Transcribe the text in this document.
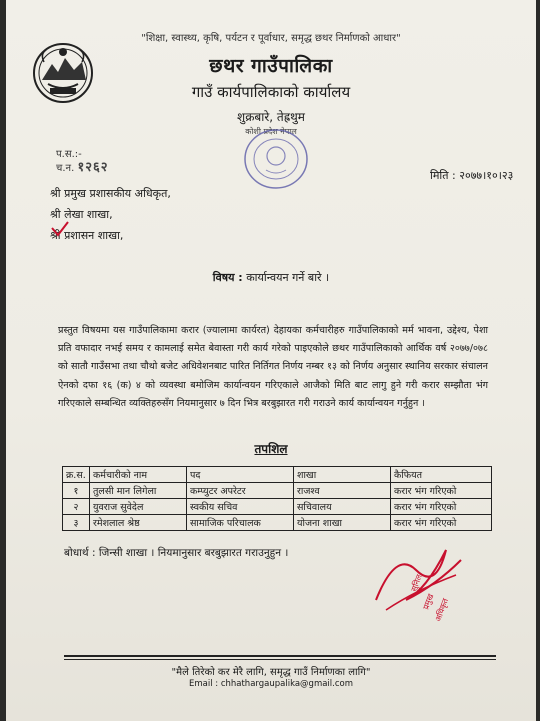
"शिक्षा, स्वास्थ्य, कृषि, पर्यटन र पूर्वाधार, समृद्ध छथर निर्माणको आधार"
छथर गाउँपालिका
गाउँ कार्यपालिकाको कार्यालय
शुक्रबारे, तेह्रथुम
कोशी प्रदेश नेपाल
प.स.:-
च.न. १२६२
मिति : २०७७।१०।२३
श्री प्रमुख प्रशासकीय अधिकृत,
श्री लेखा शाखा,
श्री प्रशासन शाखा,
विषय : कार्यान्वयन गर्ने बारे ।
प्रस्तुत विषयमा यस गाउँपालिकामा करार (ज्यालामा कार्यरत) देहायका कर्मचारीहरु गाउँपालिकाको मर्म भावना, उद्देश्य, पेशा प्रति वफादार नभई समय र कामलाई समेत बेवास्ता गरी कार्य गरेको पाइएकोले छथर गाउँपालिकाको आर्थिक वर्ष २०७७/०७८ को सातौ गाउँसभा तथा चौथो बजेट अधिवेशनबाट पारित निर्तिगत निर्णय नम्बर १३ को निर्णय अनुसार स्थानिय सरकार संचालन ऐनको दफा १६ (क) ४ को व्यवस्था बमोजिम कार्यान्वयन गरिएकाले आजैको मिति बाट लागु हुने गरी करार सम्झौता भंग गरिएकाले सम्बन्धित व्यक्तिहरुसँग नियमानुसार ७ दिन भित्र बरबुझारत गरी गराउने कार्य कार्यान्वयन गर्नुहुन ।
तपशिल
क्र.स.	कर्मचारीको नाम	पद	शाखा	कैफियत
१	तुलसी मान लिगेला	कम्प्युटर अपरेटर	राजश्व	करार भंग गरिएको
२	युवराज सुवेदेल	स्वकीय सचिव	सचिवालय	करार भंग गरिएको
३	रमेशलाल श्रेष्ठ	सामाजिक परिचालक	योजना शाखा	करार भंग गरिएको
बोधार्थ : जिन्सी शाखा । नियमानुसार बरबुझारत गराउनुहुन ।
सुनिल
प्रमुख
अधिकृत
"मैले तिरेको कर मेरै लागि, समृद्ध गाउँ निर्माणका लागि"
Email : chhathargaupalika@gmail.com
